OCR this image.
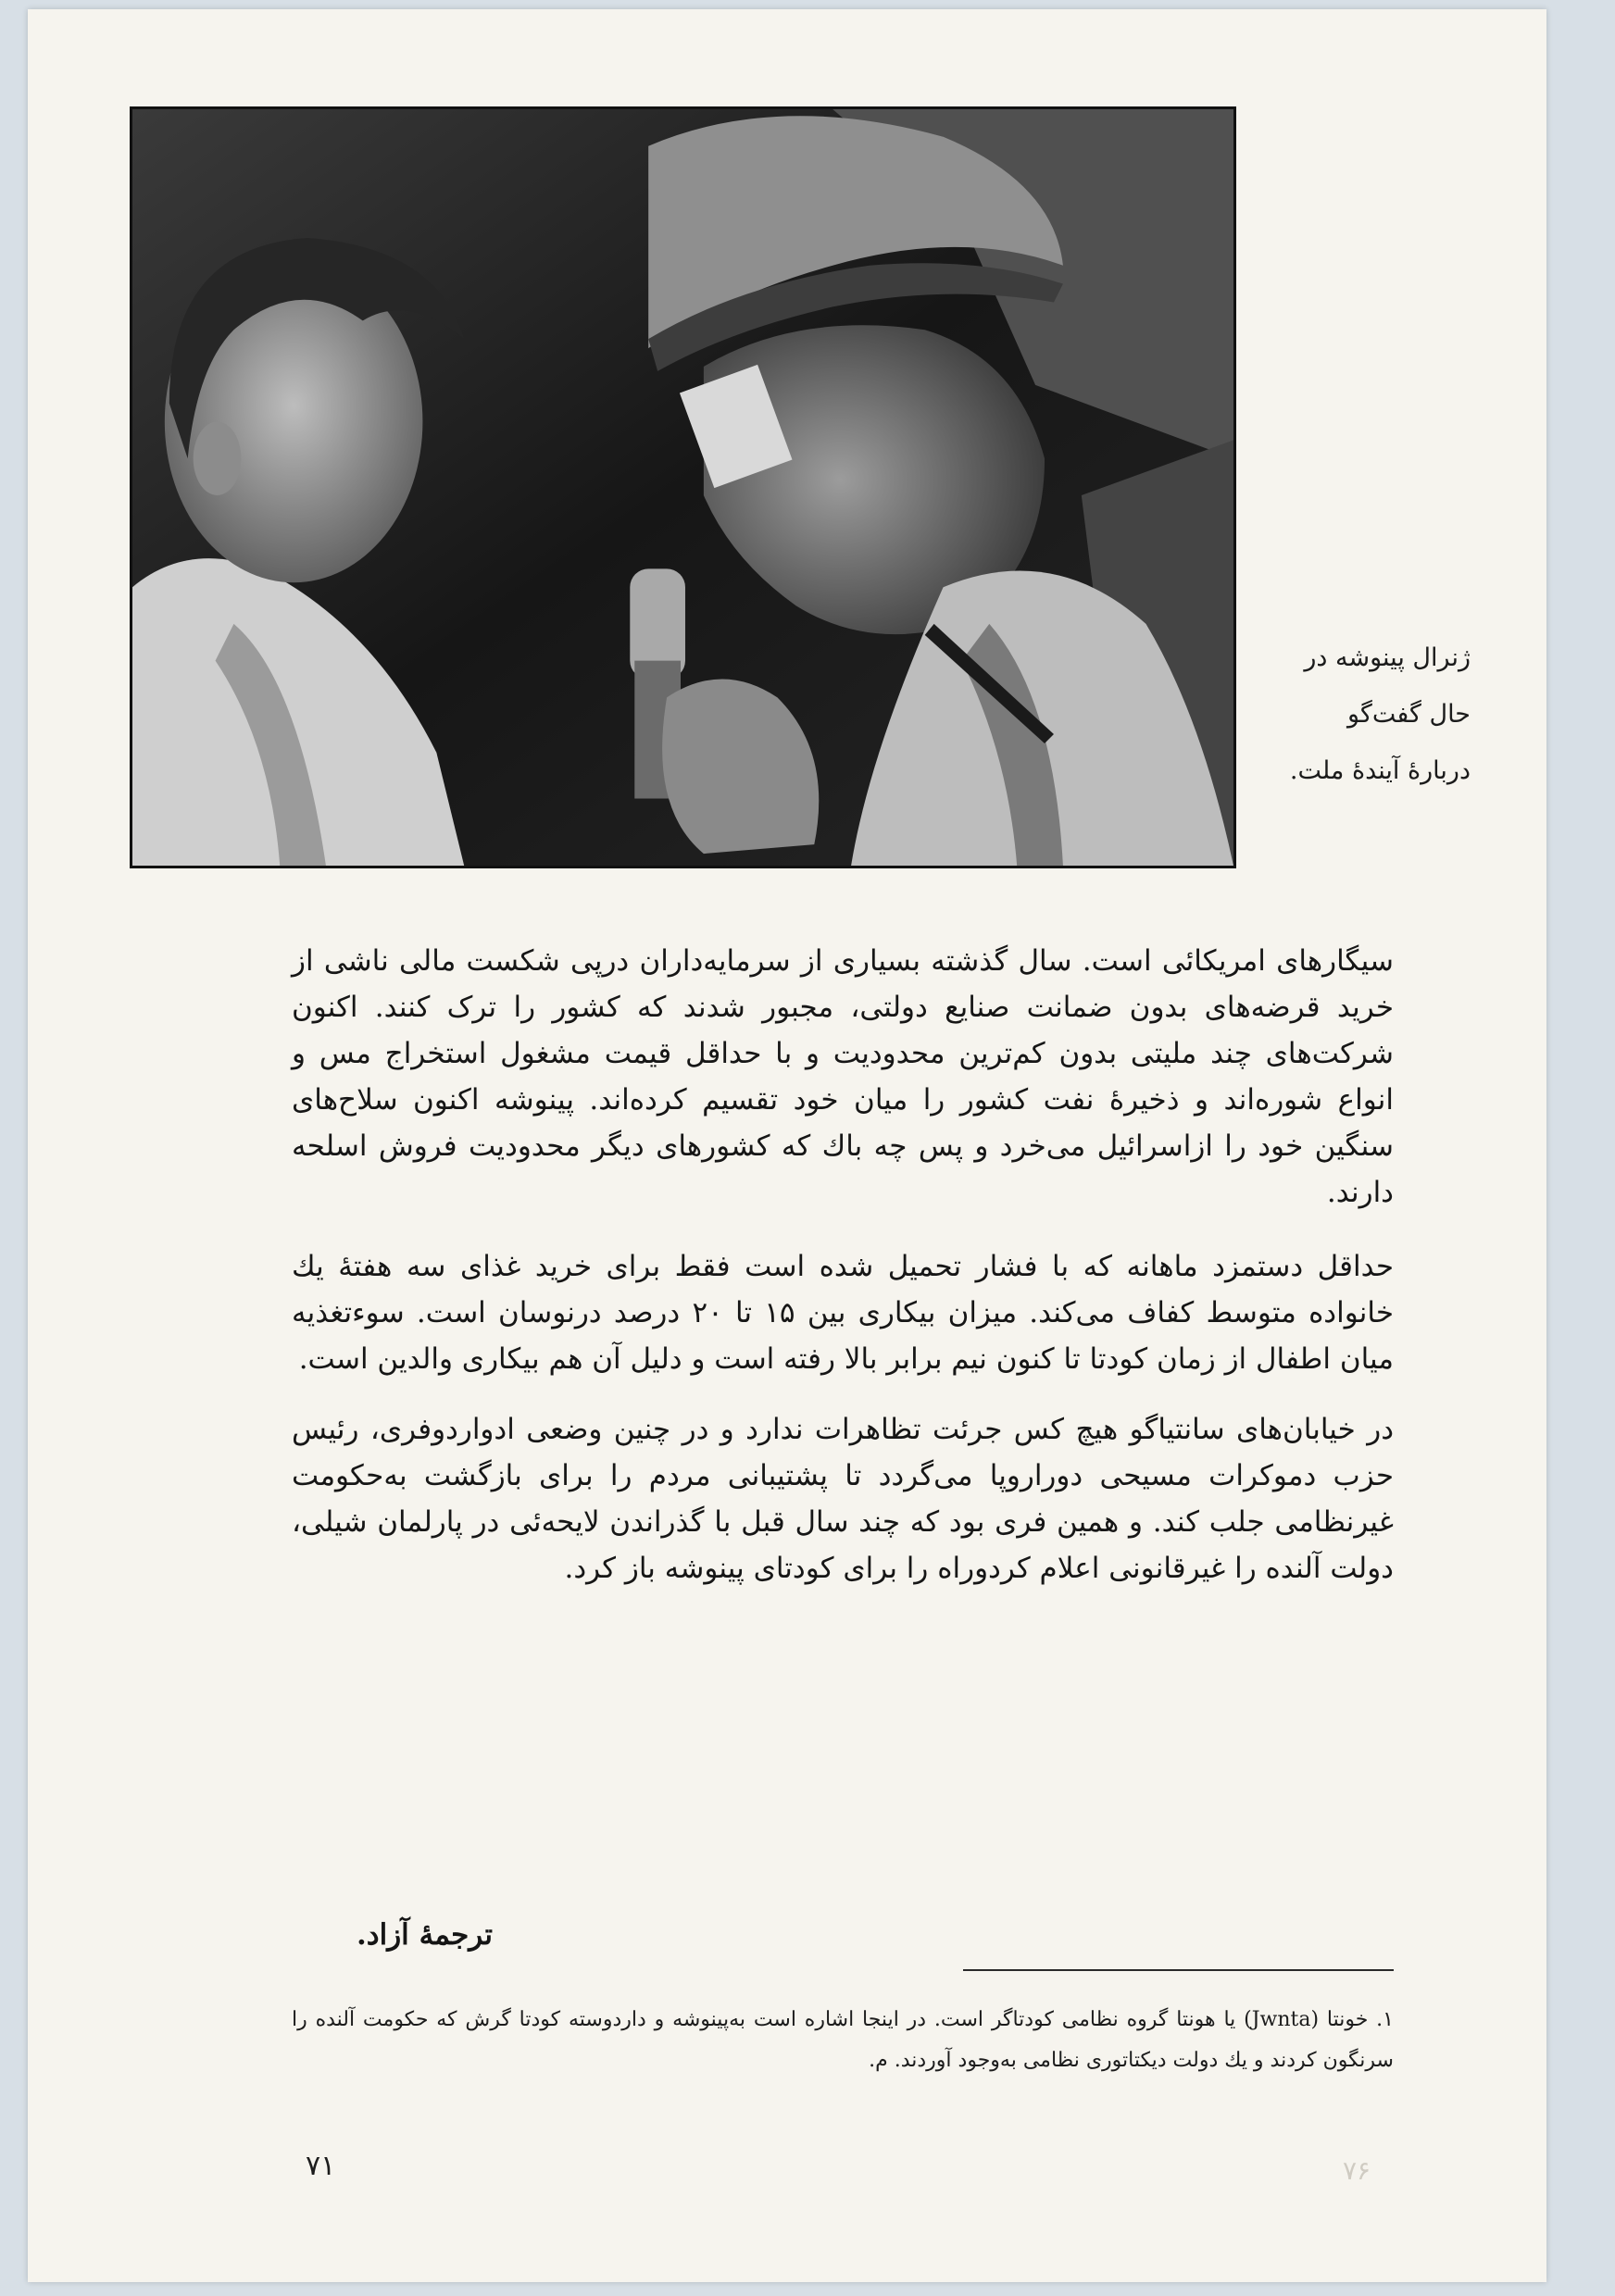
ژنرال پینوشه در
حال گفت‌گو
دربارهٔ آیندهٔ ملت.

سیگارهای امریکائی است. سال گذشته بسیاری از سرمایه‌داران درپی شکست مالی ناشی از خرید قرضه‌های بدون ضمانت صنایع دولتی، مجبور شدند که کشور را ترک کنند. اکنون شرکت‌های چند ملیتی بدون کم‌ترین محدودیت و با حداقل قیمت مشغول استخراج مس و انواع شوره‌اند و ذخیرهٔ نفت کشور را میان خود تقسیم کرده‌اند. پینوشه اکنون سلاح‌های سنگین خود را ازاسرائیل می‌خرد و پس چه باك كه كشورهای دیگر محدودیت فروش اسلحه دارند.

حداقل دستمزد ماهانه که با فشار تحمیل شده است فقط برای خرید غذای سه هفتهٔ یك خانواده متوسط كفاف می‌كند. میزان بیكاری بین ۱۵ تا ۲۰ درصد درنوسان است. سوءتغذیه میان اطفال از زمان کودتا تا کنون نیم برابر بالا رفته است و دلیل آن هم بیکاری والدین است.

در خیابان‌های سانتیاگو هیچ کس جرئت تظاهرات ندارد و در چنین وضعی ادواردوفری، رئیس حزب دموکرات مسیحی دوراروپا می‌گردد تا پشتیبانی مردم را برای بازگشت به‌حکومت غیرنظامی جلب کند. و همین فری بود که چند سال قبل با گذراندن لایحه‌ئی در پارلمان شیلی، دولت آلنده را غیرقانونی اعلام کردوراه را برای کودتای پینوشه باز کرد.

ترجمهٔ آزاد.
۱. خونتا (Jwnta) یا هونتا گروه نظامی کودتاگر است. در اینجا اشاره است به‌پینوشه و داردوسته کودتا گرش که حکومت آلنده را سرنگون کردند و یك دولت دیکتاتوری نظامی به‌وجود آوردند. م.
۷۱	۷۶
